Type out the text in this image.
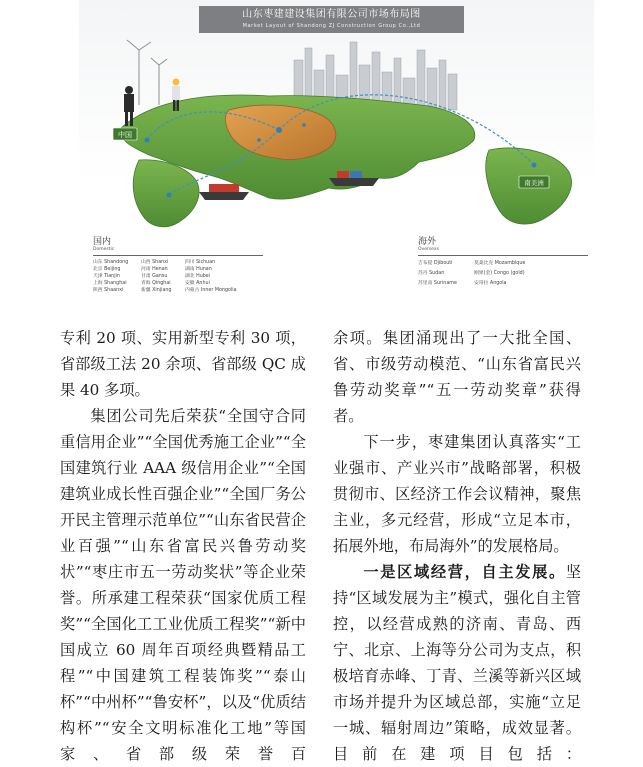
山东枣建建设集团有限公司市场布局图
Market Layout of Shandong ZJ Construction Group Co.,Ltd
中国
南美洲
国内
Domestic
山东 Shandong	山西 Shanxi	四川 Sichuan
北京 Beijing	河南 Henan	湖南 Hunan
天津 Tianjin	甘肃 Gansu	湖北 Hubei
上海 Shanghai	青海 Qinghai	安徽 Anhui
陕西 Shaanxi	新疆 Xinjiang	内蒙古 Inner Mongolia
海外
Overseas
吉布提 Djibouti	莫桑比克 Mozambique
苏丹 Sudan	刚果(金) Congo (gold)
苏里南 Suriname	安哥拉 Angola

专利 20 项、实用新型专利 30 项，省部级工法 20 余项、省部级 QC 成果 40 多项。

集团公司先后荣获“全国守合同重信用企业”“全国优秀施工企业”“全国建筑行业 AAA 级信用企业”“全国建筑业成长性百强企业”“全国厂务公开民主管理示范单位”“山东省民营企业百强”“山东省富民兴鲁劳动奖状”“枣庄市五一劳动奖状”等企业荣誉。所承建工程荣获“国家优质工程奖”“全国化工工业优质工程奖”“新中国成立 60 周年百项经典暨精品工程”“中国建筑工程装饰奖”“泰山杯”“中州杯”“鲁安杯”，以及“优质结构杯”“安全文明标准化工地”等国家、省部级荣誉百

余项。集团涌现出了一大批全国、省、市级劳动模范、“山东省富民兴鲁劳动奖章”“五一劳动奖章”获得者。

下一步，枣建集团认真落实“工业强市、产业兴市”战略部署，积极贯彻市、区经济工作会议精神，聚焦主业，多元经营，形成“立足本市，拓展外地，布局海外”的发展格局。

一是区域经营，自主发展。坚持“区域发展为主”模式，强化自主管控，以经营成熟的济南、青岛、西宁、北京、上海等分公司为支点，积极培育赤峰、丁青、兰溪等新兴区域市场并提升为区域总部，实施“立足一城、辐射周边”策略，成效显著。目前在建项目包括：
